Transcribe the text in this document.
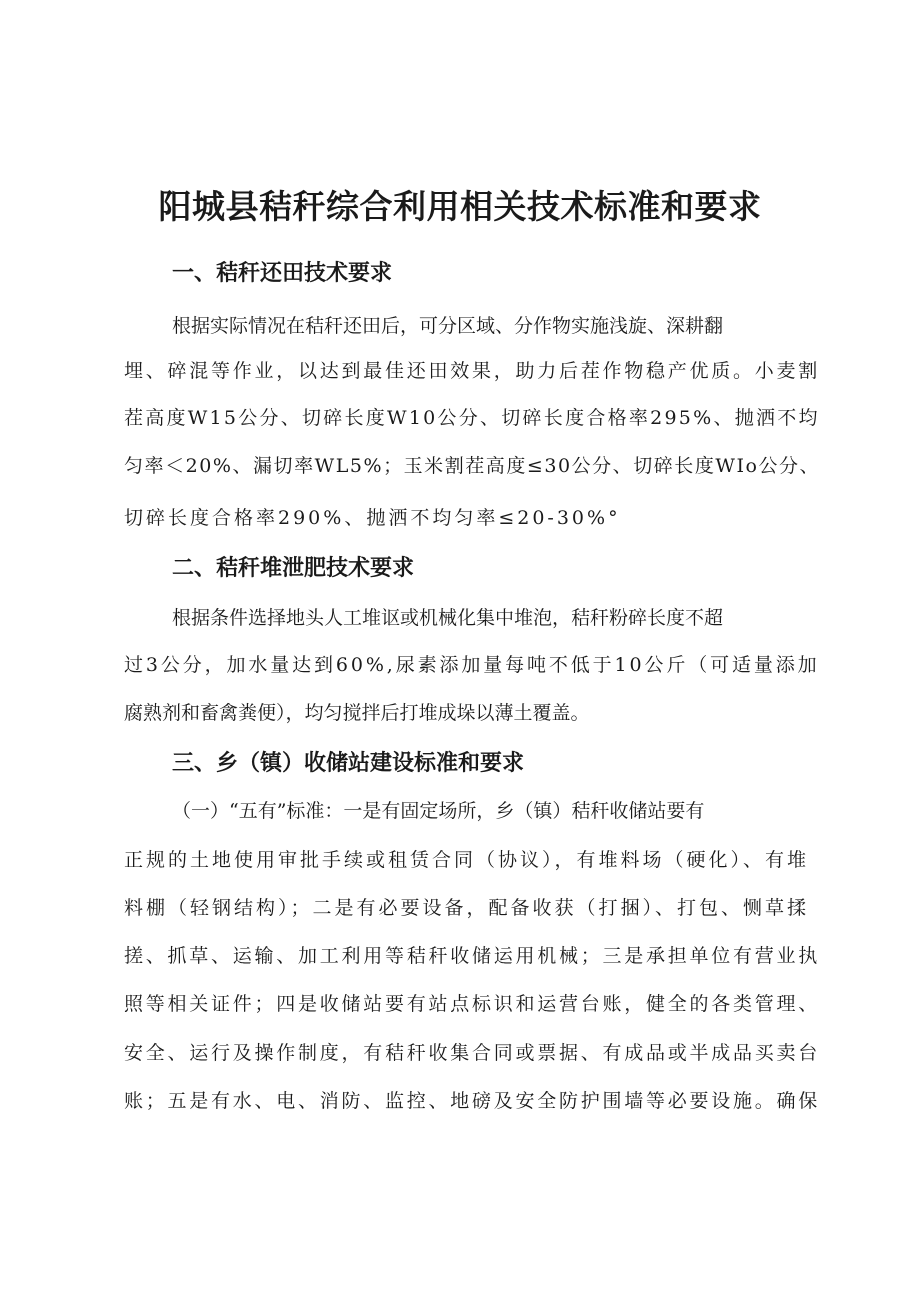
阳城县秸秆综合利用相关技术标准和要求
一、秸秆还田技术要求
根据实际情况在秸秆还田后，可分区域、分作物实施浅旋、深耕翻
埋、碎混等作业，以达到最佳还田效果，助力后茬作物稳产优质。小麦割
茬高度W15公分、切碎长度W10公分、切碎长度合格率295%、抛洒不均
匀率＜20%、漏切率WL5%；玉米割茬高度≤30公分、切碎长度WIo公分、
切碎长度合格率290%、抛洒不均匀率≤20-30%°
二、秸秆堆泄肥技术要求
根据条件选择地头人工堆讴或机械化集中堆泡，秸秆粉碎长度不超
过3公分，加水量达到60%,尿素添加量每吨不低于10公斤（可适量添加
腐熟剂和畜禽粪便），均匀搅拌后打堆成垛以薄土覆盖。
三、乡（镇）收储站建设标准和要求
（一）“五有”标准：一是有固定场所，乡（镇）秸秆收储站要有
正规的土地使用审批手续或租赁合同（协议），有堆料场（硬化）、有堆
料棚（轻钢结构）；二是有必要设备，配备收获（打捆）、打包、恻草揉
搓、抓草、运输、加工利用等秸秆收储运用机械；三是承担单位有营业执
照等相关证件；四是收储站要有站点标识和运营台账，健全的各类管理、
安全、运行及操作制度，有秸秆收集合同或票据、有成品或半成品买卖台
账；五是有水、电、消防、监控、地磅及安全防护围墙等必要设施。确保
